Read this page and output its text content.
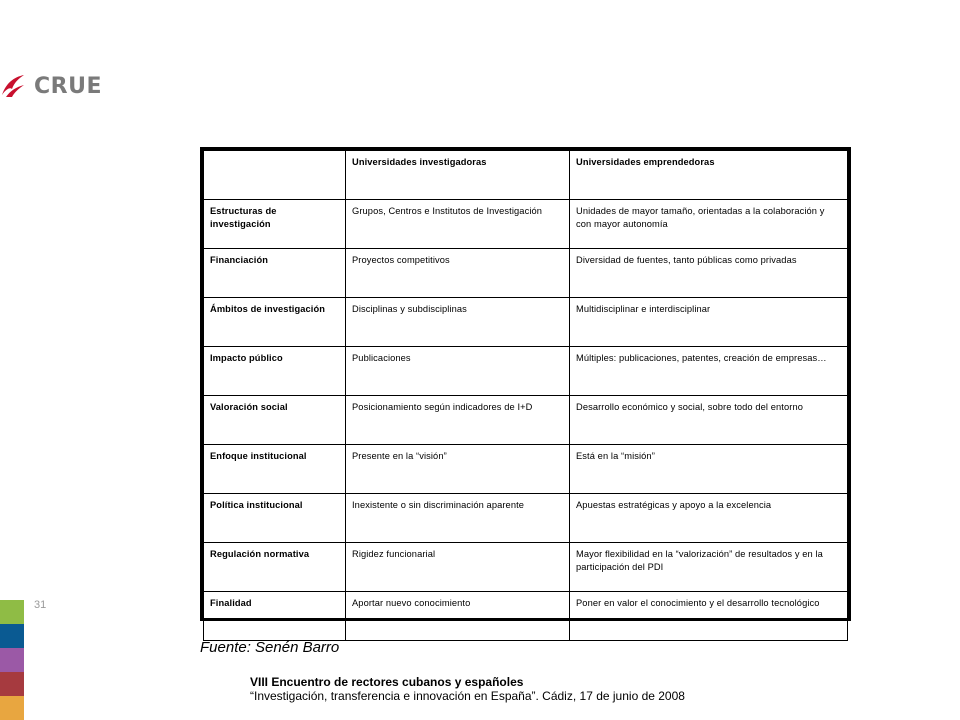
CRUE
	Universidades investigadoras	Universidades emprendedoras
Estructuras de investigación	Grupos, Centros e Institutos de Investigación	Unidades de mayor tamaño, orientadas a la colaboración y con mayor autonomía
Financiación	Proyectos competitivos	Diversidad de fuentes, tanto públicas como privadas
Ámbitos de investigación	Disciplinas y subdisciplinas	Multidisciplinar e interdisciplinar
Impacto público	Publicaciones	Múltiples: publicaciones, patentes, creación de empresas…
Valoración social	Posicionamiento según indicadores de I+D	Desarrollo económico y social, sobre todo del entorno
Enfoque institucional	Presente en la “visión”	Está en la “misión”
Política institucional	Inexistente o sin discriminación aparente	Apuestas estratégicas y apoyo a la excelencia
Regulación normativa	Rigidez funcionarial	Mayor flexibilidad en la “valorización” de resultados y en la participación del PDI
Finalidad	Aportar nuevo conocimiento	Poner en valor el conocimiento y el desarrollo tecnológico
31
Fuente: Senén Barro
VIII Encuentro de rectores cubanos y españoles
“Investigación, transferencia e innovación en España”. Cádiz, 17 de junio de 2008
